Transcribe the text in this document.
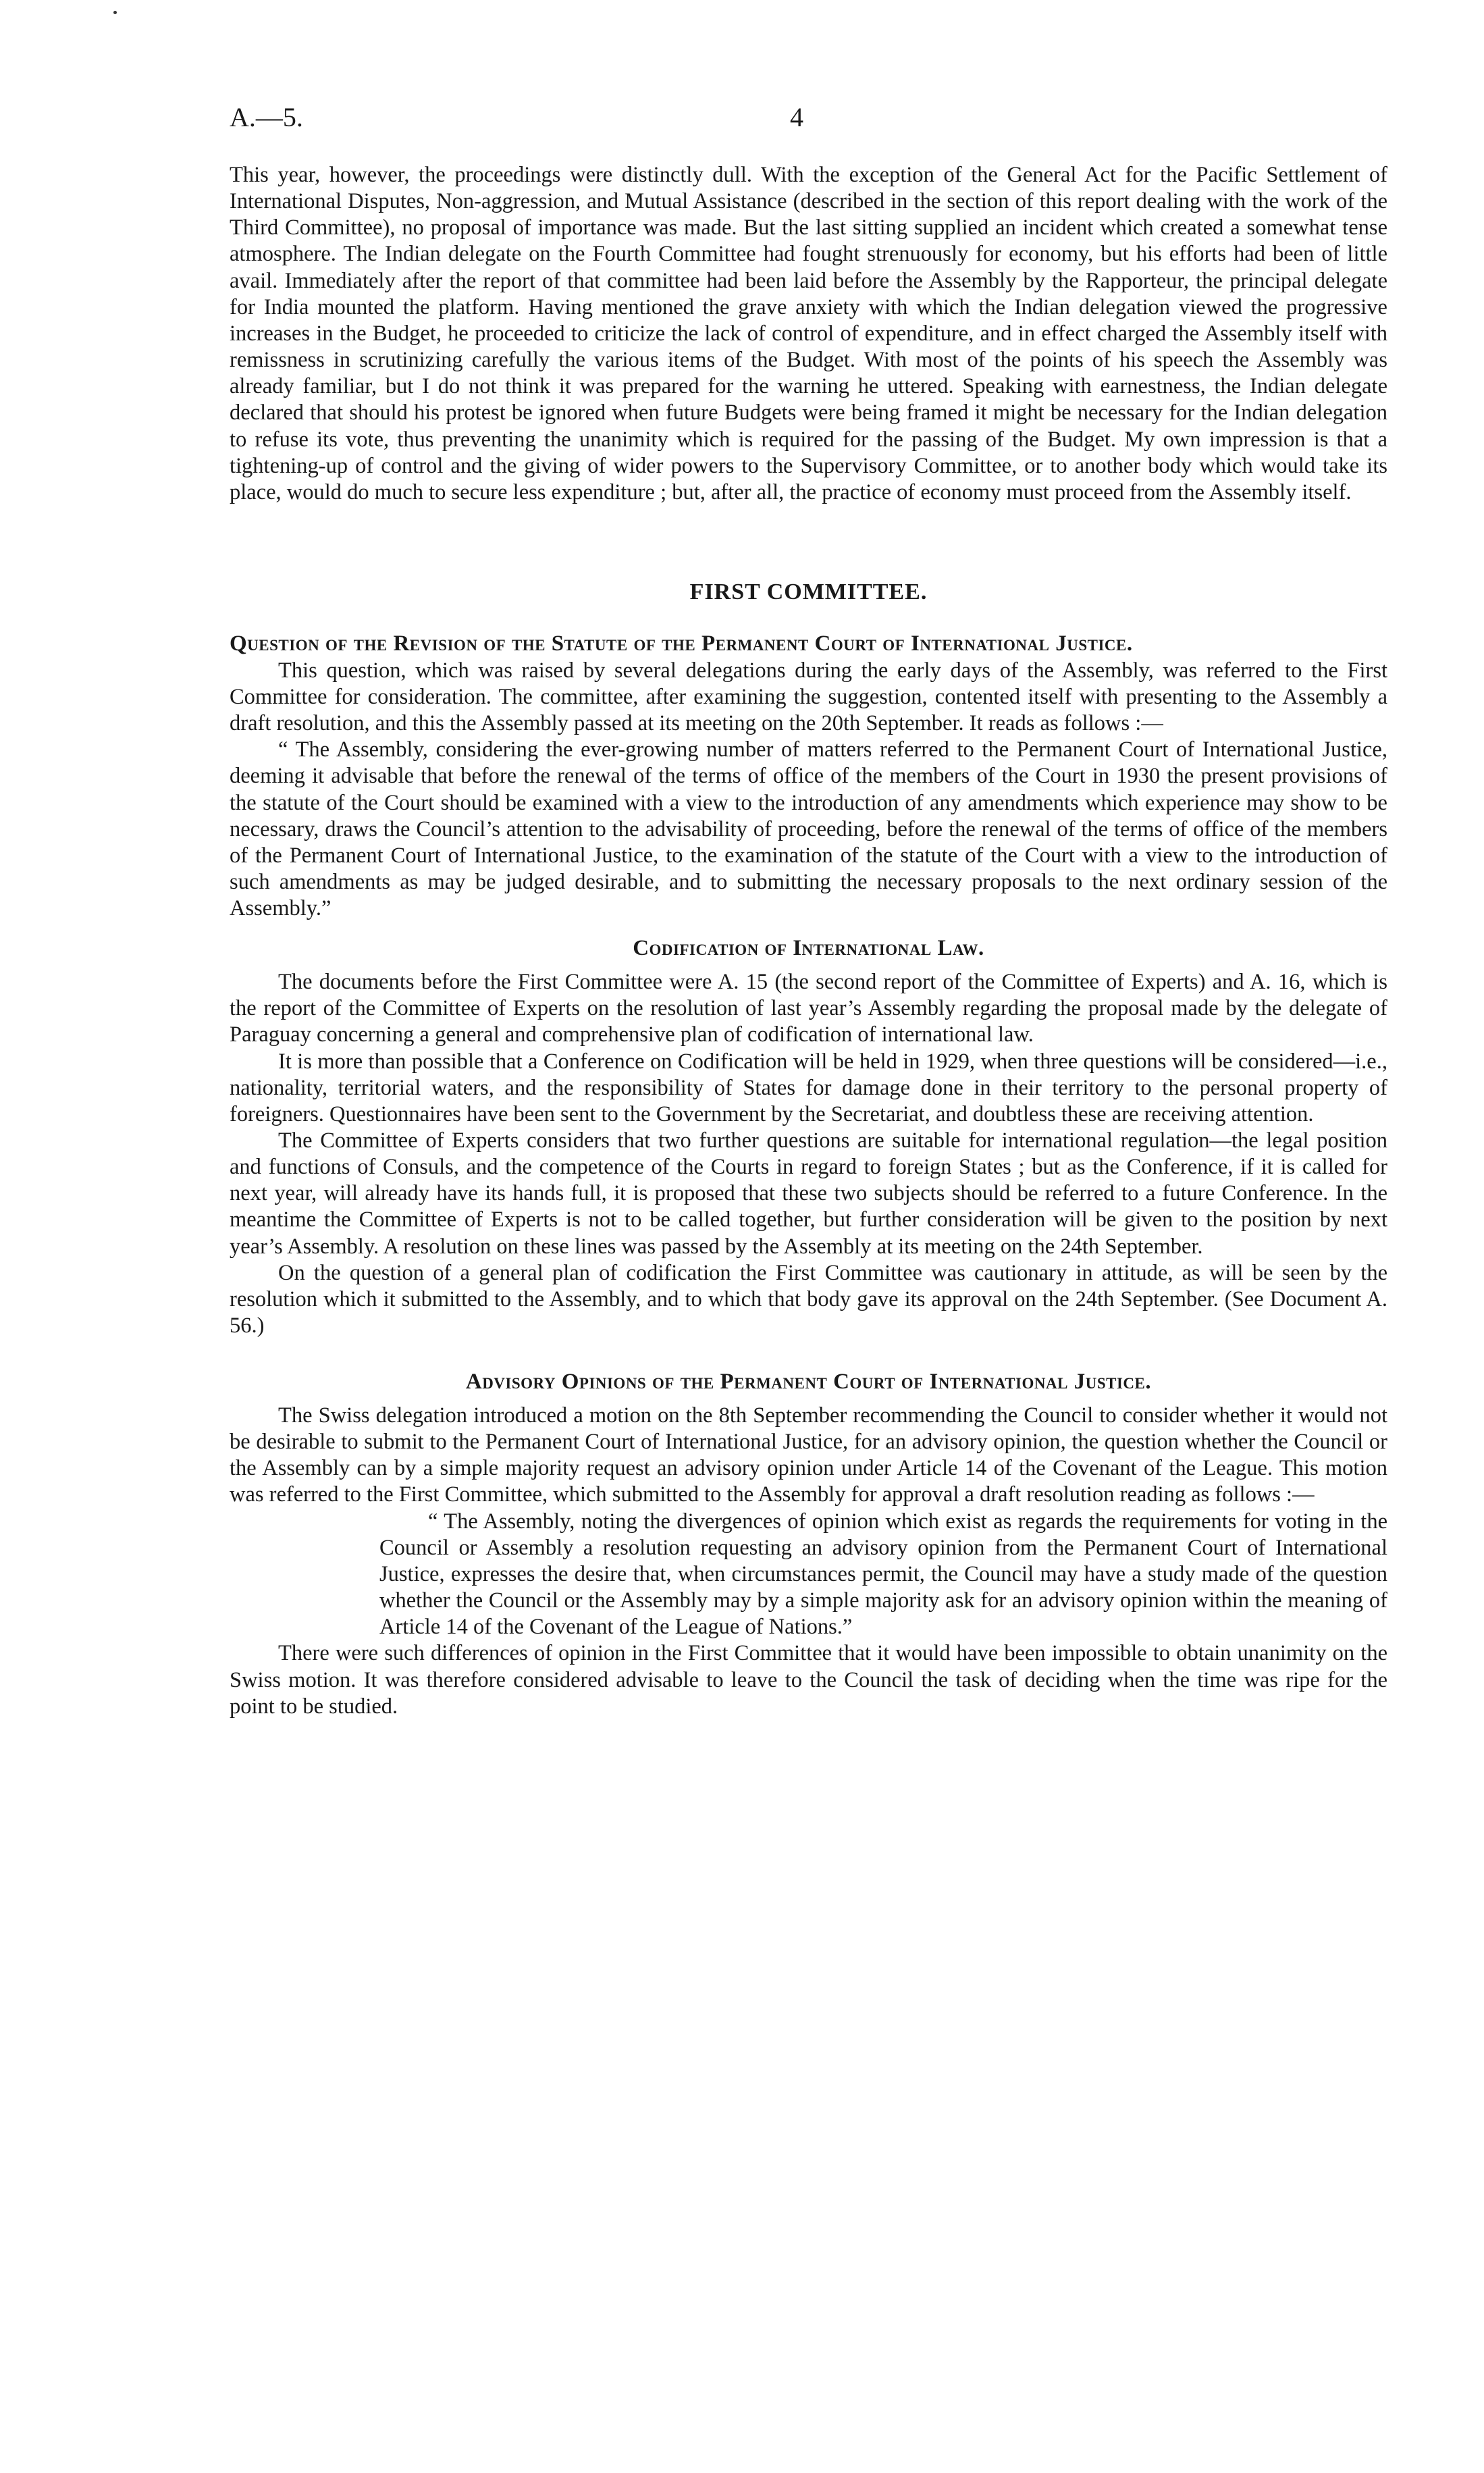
A.—5.	4

This year, however, the proceedings were distinctly dull. With the exception of the General Act for the Pacific Settlement of International Disputes, Non-aggression, and Mutual Assistance (described in the section of this report dealing with the work of the Third Committee), no proposal of importance was made. But the last sitting supplied an incident which created a somewhat tense atmosphere. The Indian delegate on the Fourth Committee had fought strenuously for economy, but his efforts had been of little avail. Immediately after the report of that committee had been laid before the Assembly by the Rapporteur, the principal delegate for India mounted the platform. Having mentioned the grave anxiety with which the Indian delegation viewed the progressive increases in the Budget, he proceeded to criticize the lack of control of expenditure, and in effect charged the Assembly itself with remissness in scrutinizing carefully the various items of the Budget. With most of the points of his speech the Assembly was already familiar, but I do not think it was prepared for the warning he uttered. Speaking with earnestness, the Indian delegate declared that should his protest be ignored when future Budgets were being framed it might be necessary for the Indian delegation to refuse its vote, thus preventing the unanimity which is required for the passing of the Budget. My own impression is that a tightening-up of control and the giving of wider powers to the Supervisory Committee, or to another body which would take its place, would do much to secure less expenditure ; but, after all, the practice of economy must proceed from the Assembly itself.

FIRST COMMITTEE.
Question of the Revision of the Statute of the Permanent Court of International Justice.

This question, which was raised by several delegations during the early days of the Assembly, was referred to the First Committee for consideration. The committee, after examining the suggestion, contented itself with presenting to the Assembly a draft resolution, and this the Assembly passed at its meeting on the 20th September. It reads as follows :—

“ The Assembly, considering the ever-growing number of matters referred to the Permanent Court of International Justice, deeming it advisable that before the renewal of the terms of office of the members of the Court in 1930 the present provisions of the statute of the Court should be examined with a view to the introduction of any amendments which experience may show to be necessary, draws the Council’s attention to the advisability of proceeding, before the renewal of the terms of office of the members of the Permanent Court of International Justice, to the examination of the statute of the Court with a view to the introduction of such amendments as may be judged desirable, and to submitting the necessary proposals to the next ordinary session of the Assembly.”

Codification of International Law.

The documents before the First Committee were A. 15 (the second report of the Committee of Experts) and A. 16, which is the report of the Committee of Experts on the resolution of last year’s Assembly regarding the proposal made by the delegate of Paraguay concerning a general and comprehensive plan of codification of international law.

It is more than possible that a Conference on Codification will be held in 1929, when three questions will be considered—i.e., nationality, territorial waters, and the responsibility of States for damage done in their territory to the personal property of foreigners. Questionnaires have been sent to the Government by the Secretariat, and doubtless these are receiving attention.

The Committee of Experts considers that two further questions are suitable for international regulation—the legal position and functions of Consuls, and the competence of the Courts in regard to foreign States ; but as the Conference, if it is called for next year, will already have its hands full, it is proposed that these two subjects should be referred to a future Conference. In the meantime the Committee of Experts is not to be called together, but further consideration will be given to the position by next year’s Assembly. A resolution on these lines was passed by the Assembly at its meeting on the 24th September.

On the question of a general plan of codification the First Committee was cautionary in attitude, as will be seen by the resolution which it submitted to the Assembly, and to which that body gave its approval on the 24th September. (See Document A. 56.)

Advisory Opinions of the Permanent Court of International Justice.

The Swiss delegation introduced a motion on the 8th September recommending the Council to consider whether it would not be desirable to submit to the Permanent Court of International Justice, for an advisory opinion, the question whether the Council or the Assembly can by a simple majority request an advisory opinion under Article 14 of the Covenant of the League. This motion was referred to the First Committee, which submitted to the Assembly for approval a draft resolution reading as follows :—

“ The Assembly, noting the divergences of opinion which exist as regards the requirements for voting in the Council or Assembly a resolution requesting an advisory opinion from the Permanent Court of International Justice, expresses the desire that, when circumstances permit, the Council may have a study made of the question whether the Council or the Assembly may by a simple majority ask for an advisory opinion within the meaning of Article 14 of the Covenant of the League of Nations.”

There were such differences of opinion in the First Committee that it would have been impossible to obtain unanimity on the Swiss motion. It was therefore considered advisable to leave to the Council the task of deciding when the time was ripe for the point to be studied.
